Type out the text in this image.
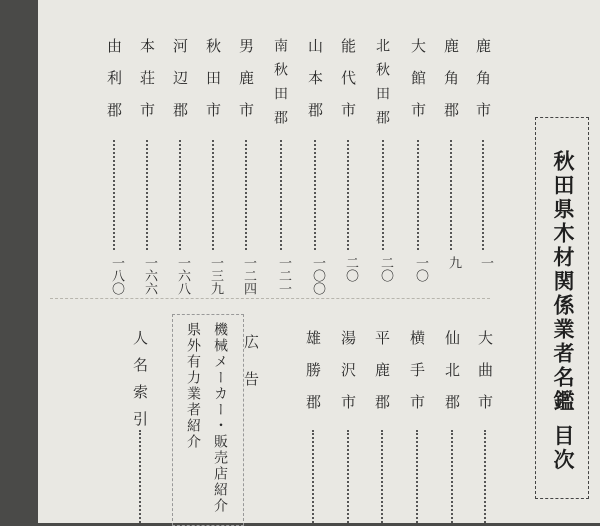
秋田県木材関係業者名鑑 目次
鹿角市
一
鹿角郡
九
大館市
一〇
北秋田郡
二〇
能代市
二〇
山本郡
一〇〇
南秋田郡
一二一
男鹿市
一二四
秋田市
一三九
河辺郡
一六八
本荘市
一六六
由利郡
一八〇
大曲市
仙北郡
横手市
平鹿郡
湯沢市
雄勝郡
広告
機械メーカー・販売店紹介
県外有力業者紹介
人名索引
